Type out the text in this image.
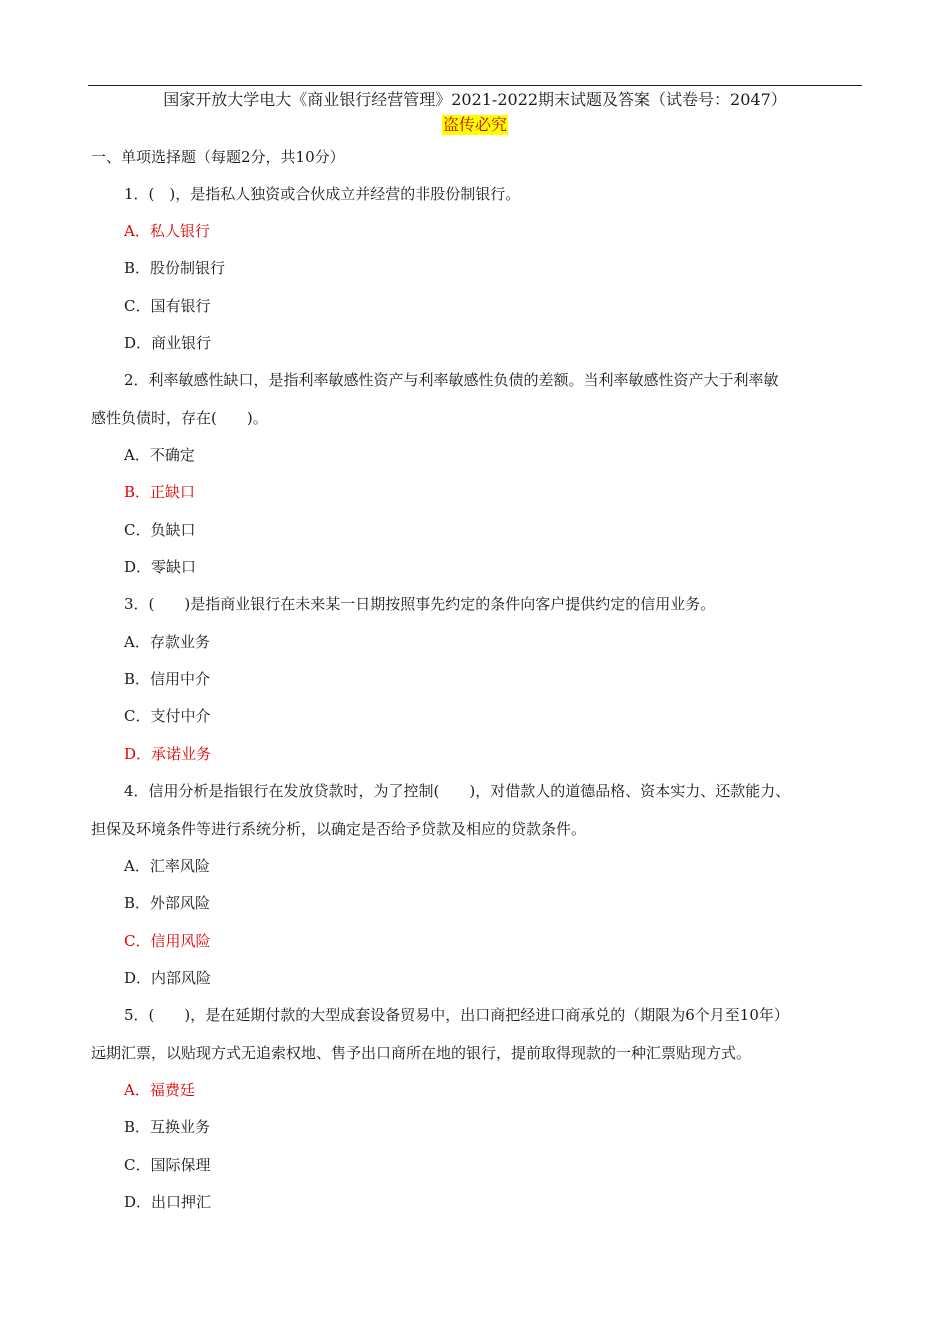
国家开放大学电大《商业银行经营管理》2021-2022期末试题及答案（试卷号：2047）
盗传必究
一、单项选择题（每题2分，共10分）
1．(　)，是指私人独资或合伙成立并经营的非股份制银行。
A．私人银行
B．股份制银行
C．国有银行
D．商业银行
2．利率敏感性缺口，是指利率敏感性资产与利率敏感性负债的差额。当利率敏感性资产大于利率敏
感性负债时，存在(　　)。
A．不确定
B．正缺口
C．负缺口
D．零缺口
3．(　　)是指商业银行在未来某一日期按照事先约定的条件向客户提供约定的信用业务。
A．存款业务
B．信用中介
C．支付中介
D．承诺业务
4．信用分析是指银行在发放贷款时，为了控制(　　)，对借款人的道德品格、资本实力、还款能力、
担保及环境条件等进行系统分析，以确定是否给予贷款及相应的贷款条件。
A．汇率风险
B．外部风险
C．信用风险
D．内部风险
5．(　　)，是在延期付款的大型成套设备贸易中，出口商把经进口商承兑的（期限为6个月至10年）
远期汇票，以贴现方式无追索权地、售予出口商所在地的银行，提前取得现款的一种汇票贴现方式。
A．福费廷
B．互换业务
C．国际保理
D．出口押汇
